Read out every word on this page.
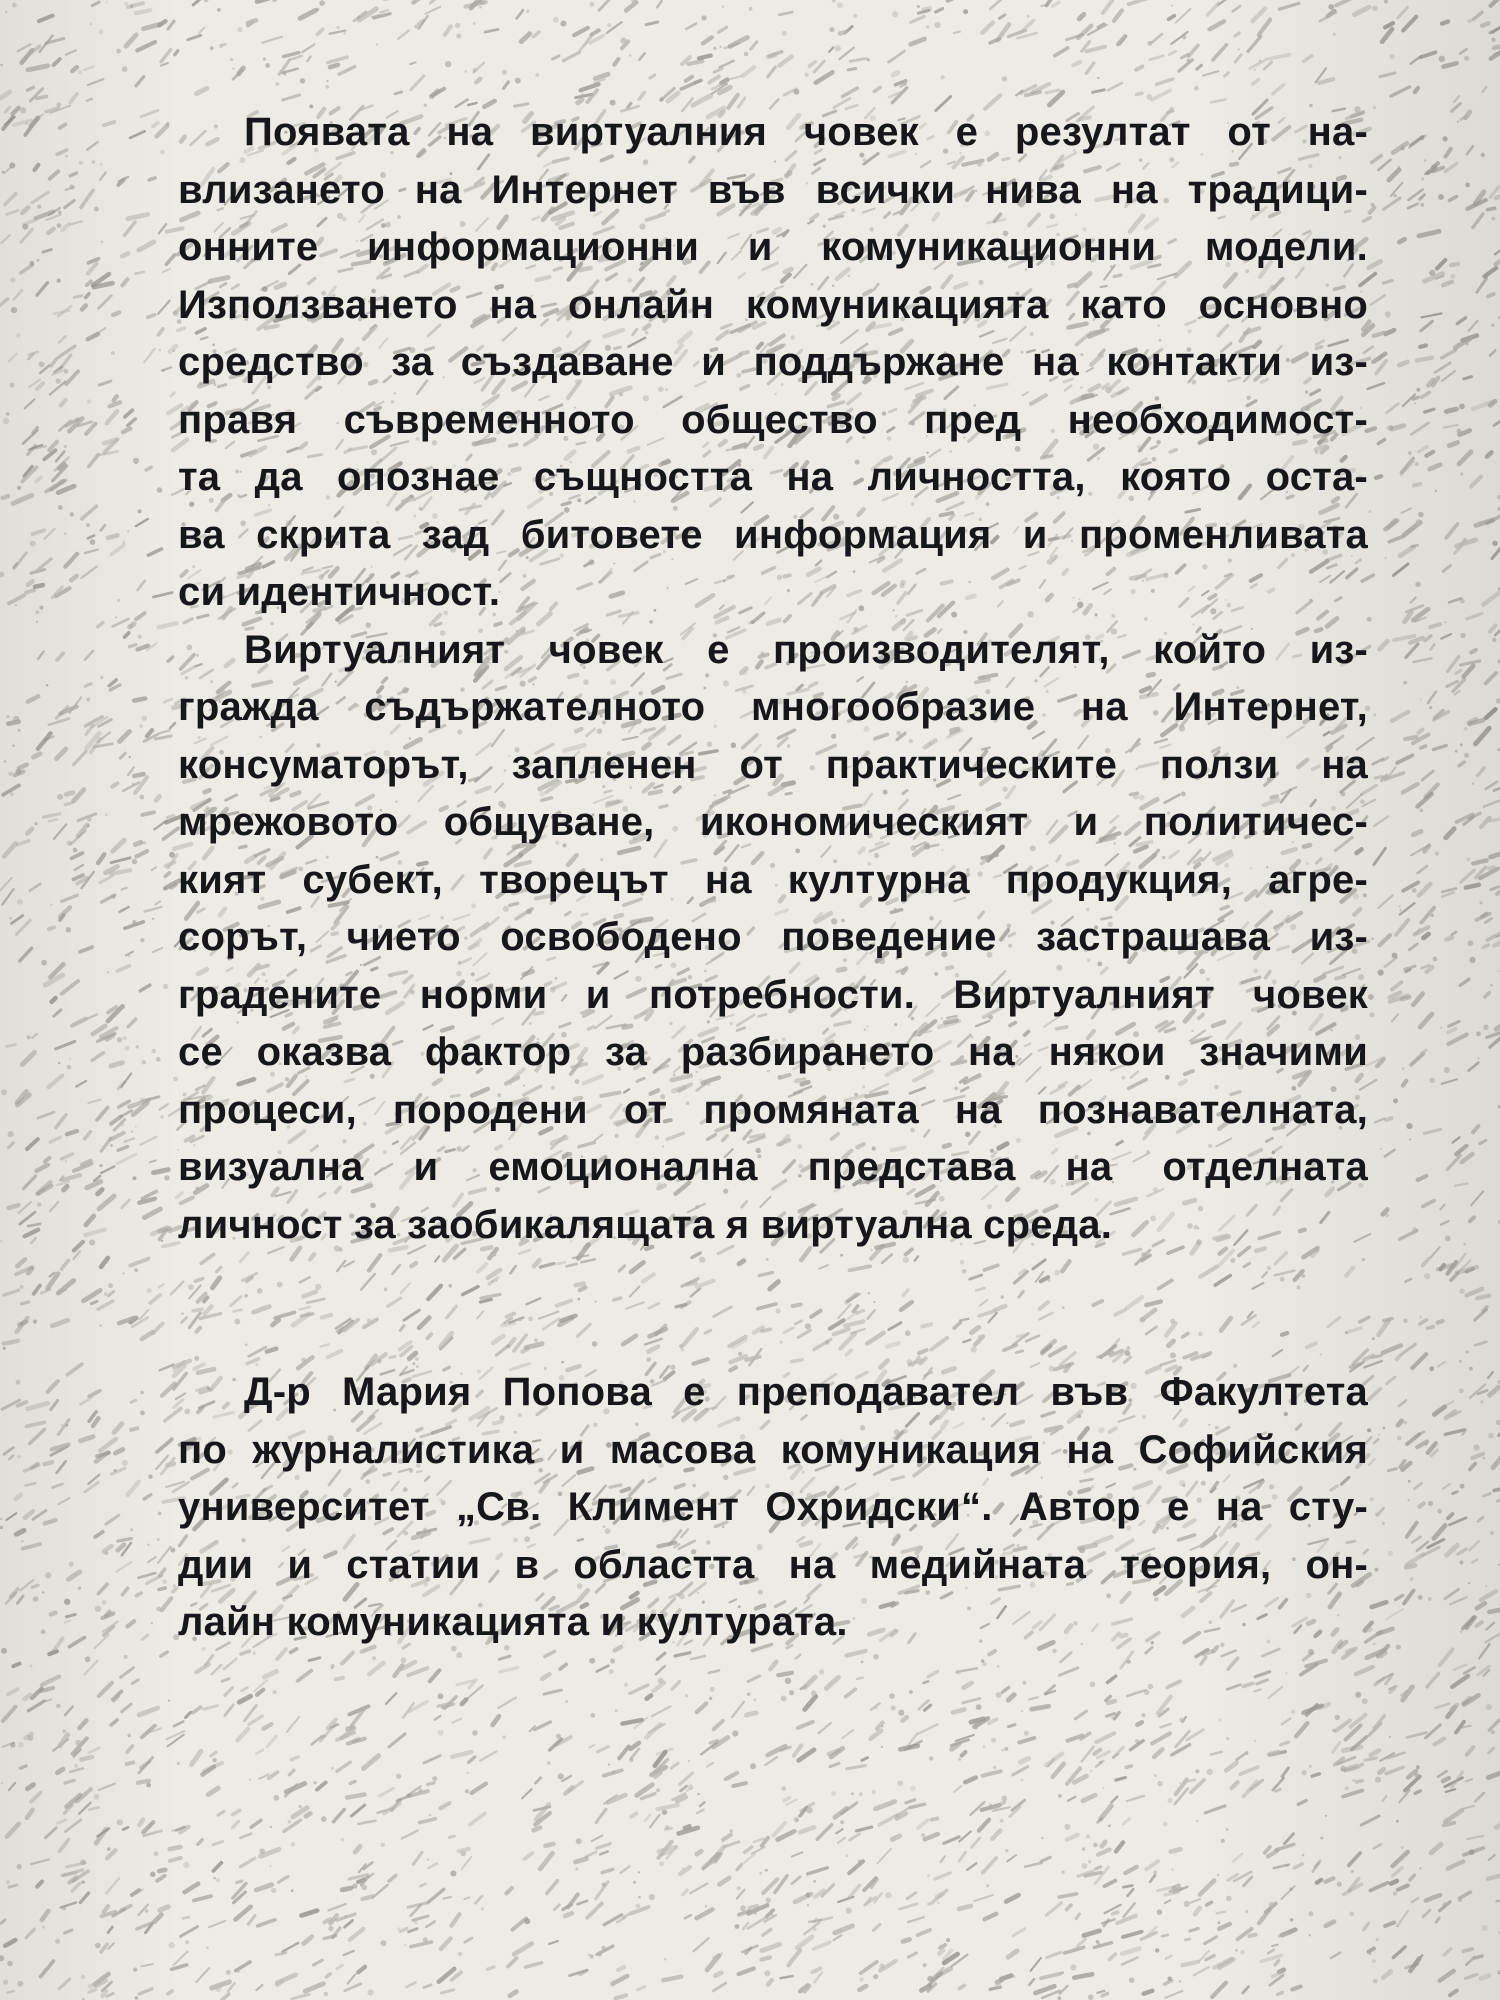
Появата на виртуалния човек е резултат от на-
влизането на Интернет във всички нива на традици-
онните информационни и комуникационни модели.
Използването на онлайн комуникацията като основно
средство за създаване и поддържане на контакти из-
правя съвременното общество пред необходимост-
та да опознае същността на личността, която оста-
ва скрита зад битовете информация и променливата
си идентичност.
Виртуалният човек е производителят, който из-
гражда съдържателното многообразие на Интернет,
консуматорът, запленен от практическите ползи на
мрежовото общуване, икономическият и политичес-
кият субект, творецът на културна продукция, агре-
сорът, чието освободено поведение застрашава из-
градените норми и потребности. Виртуалният човек
се оказва фактор за разбирането на някои значими
процеси, породени от промяната на познавателната,
визуална и емоционална представа на отделната
личност за заобикалящата я виртуална среда.
Д-р Мария Попова е преподавател във Факултета
по журналистика и масова комуникация на Софийския
университет „Св. Климент Охридски“. Автор е на сту-
дии и статии в областта на медийната теория, он-
лайн комуникацията и културата.
